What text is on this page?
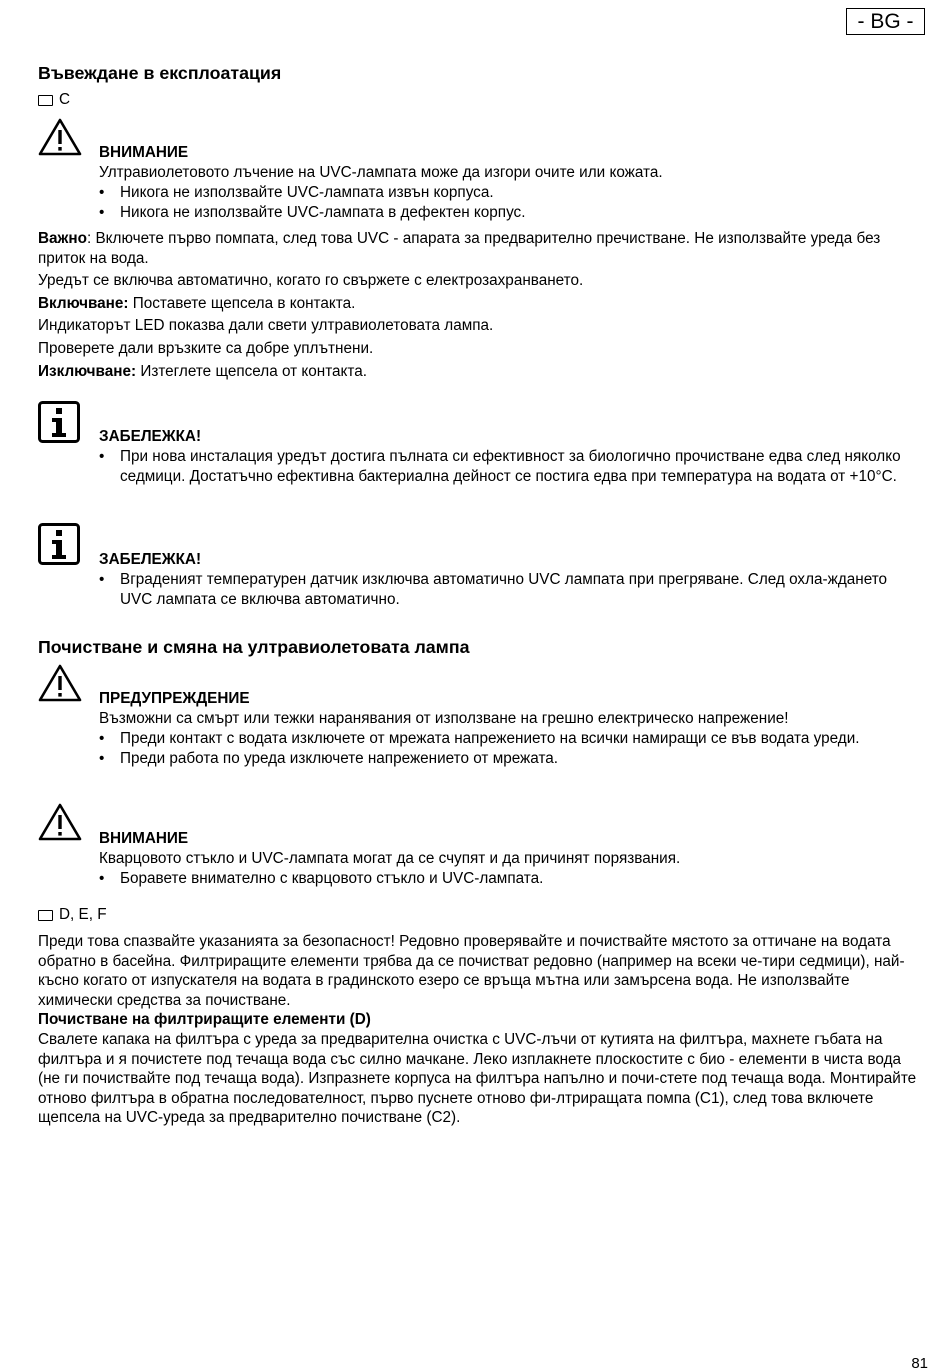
- BG -
Въвеждане в експлоатация
C
ВНИМАНИЕ
Ултравиолетовото лъчение на UVC-лампата може да изгори очите или кожата.
• Никога не използвайте UVC-лампата извън корпуса.
• Никога не използвайте UVC-лампата в дефектен корпус.

Важно: Включете първо помпата, след това UVC - апарата за предварително пречистване. Не използвайте уреда без приток на вода.

Уредът се включва автоматично, когато го свържете с електрозахранването.

Включване: Поставете щепсела в контакта.

Индикаторът LED показва дали свети ултравиолетовата лампа.

Проверете дали връзките са добре уплътнени.

Изключване: Изтеглете щепсела от контакта.

ЗАБЕЛЕЖКА!
• При нова инсталация уредът достига пълната си ефективност за биологично прочистване едва след няколко седмици. Достатъчно ефективна бактериална дейност се постига едва при температура на водата от +10°C.
ЗАБЕЛЕЖКА!
• Вграденият температурен датчик изключва автоматично UVC лампата при прегряване. След охла-ждането UVC лампата се включва автоматично.
Почистване и смяна на ултравиолетовата лампа
ПРЕДУПРЕЖДЕНИЕ
Възможни са смърт или тежки наранявания от използване на грешно електрическо напрежение!
• Преди контакт с водата изключете от мрежата напрежението на всички намиращи се във водата уреди.
• Преди работа по уреда изключете напрежението от мрежата.
ВНИМАНИЕ
Кварцовото стъкло и UVC-лампата могат да се счупят и да причинят порязвания.
• Боравете внимателно с кварцовото стъкло и UVC-лампата.
D, E, F

Преди това спазвайте указанията за безопасност! Редовно проверявайте и почиствайте мястото за оттичане на водата обратно в басейна. Филтриращите елементи трябва да се почистват редовно (например на всеки че-тири седмици), най-късно когато от изпускателя на водата в градинското езеро се връща мътна или замърсена вода. Не използвайте химически средства за почистване.

Почистване на филтриращите елементи (D)

Свалете капака на филтъра с уреда за предварителна очистка с UVC-лъчи от кутията на филтъра, махнете гъбата на филтъра и я почистете под течаща вода със силно мачкане. Леко изплакнете плоскостите с био - елементи в чиста вода (не ги почиствайте под течаща вода). Изпразнете корпуса на филтъра напълно и почи-стете под течаща вода. Монтирайте отново филтъра в обратна последователност, първо пуснете отново фи-лтриращата помпа (C1), след това включете щепсела на UVC-уреда за предварително почистване (C2).

81
